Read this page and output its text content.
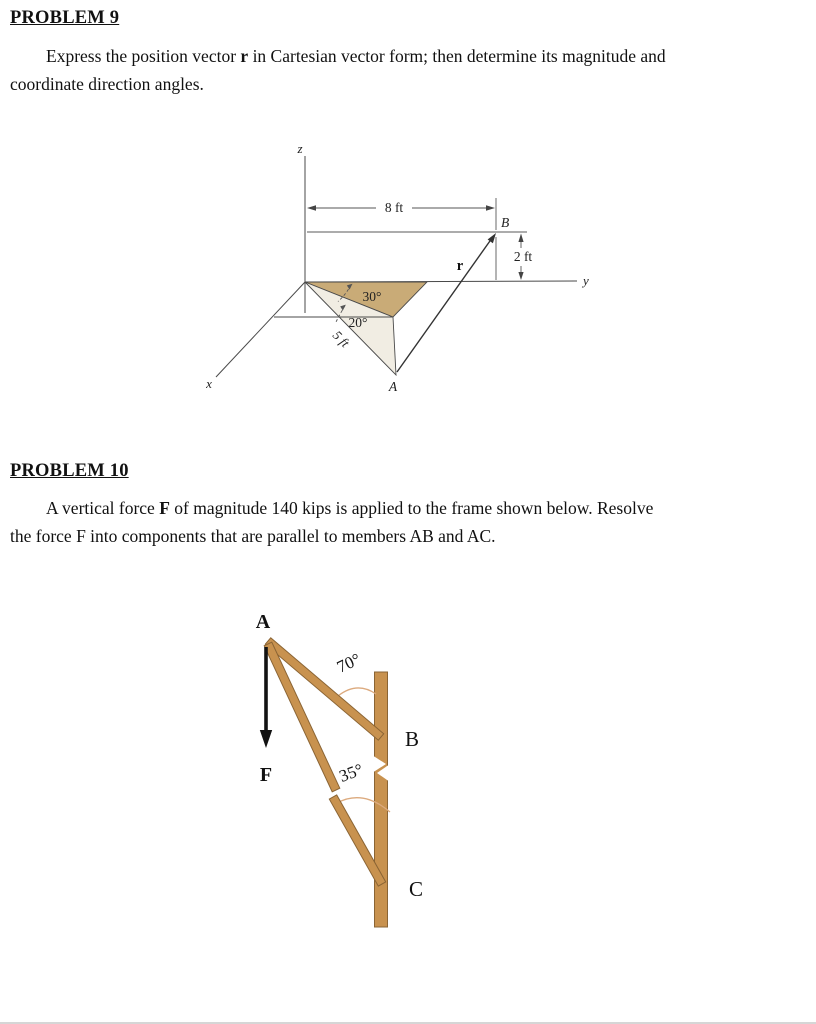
PROBLEM 9
Express the position vector r in Cartesian vector form; then determine its magnitude and
coordinate direction angles.
8 ft
2 ft
r
z
y
x
B
A
30°
20°
5 ft
PROBLEM 10
A vertical force F of magnitude 140 kips is applied to the frame shown below. Resolve
the force F into components that are parallel to members AB and AC.
A
F
B
C
70°
35°
